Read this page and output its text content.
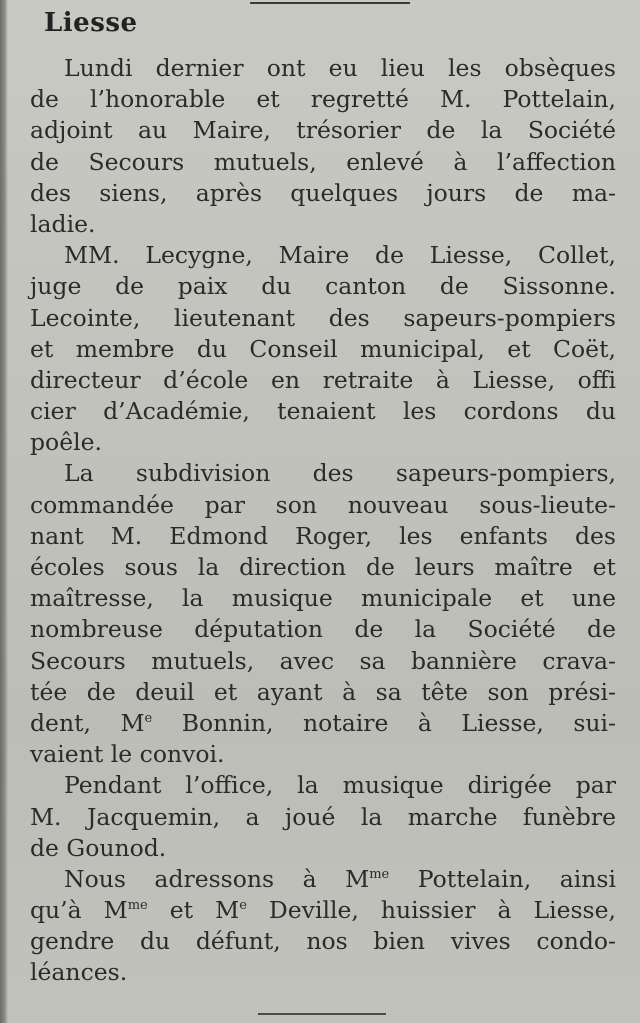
Liesse
Lundi dernier ont eu lieu les obsèques
de l’honorable et regretté M. Pottelain,
adjoint au Maire, trésorier de la Société
de Secours mutuels, enlevé à l’affection
des siens, après quelques jours de ma-
ladie.
MM. Lecygne, Maire de Liesse, Collet,
juge de paix du canton de Sissonne.
Lecointe, lieutenant des sapeurs-pompiers
et membre du Conseil municipal, et Coët,
directeur d’école en retraite à Liesse, offi
cier d’Académie, tenaient les cordons du
poêle.
La subdivision des sapeurs-pompiers,
commandée par son nouveau sous-lieute-
nant M. Edmond Roger, les enfants des
écoles sous la direction de leurs maître et
maîtresse, la musique municipale et une
nombreuse députation de la Société de
Secours mutuels, avec sa bannière crava-
tée de deuil et ayant à sa tête son prési-
dent, Me Bonnin, notaire à Liesse, sui-
vaient le convoi.
Pendant l’office, la musique dirigée par
M. Jacquemin, a joué la marche funèbre
de Gounod.
Nous adressons à $M^{me}$ Pottelain, ainsi
qu’à $M^{me}$ et Me Deville, huissier à Liesse,
gendre du défunt, nos bien vives condo-
léances.
